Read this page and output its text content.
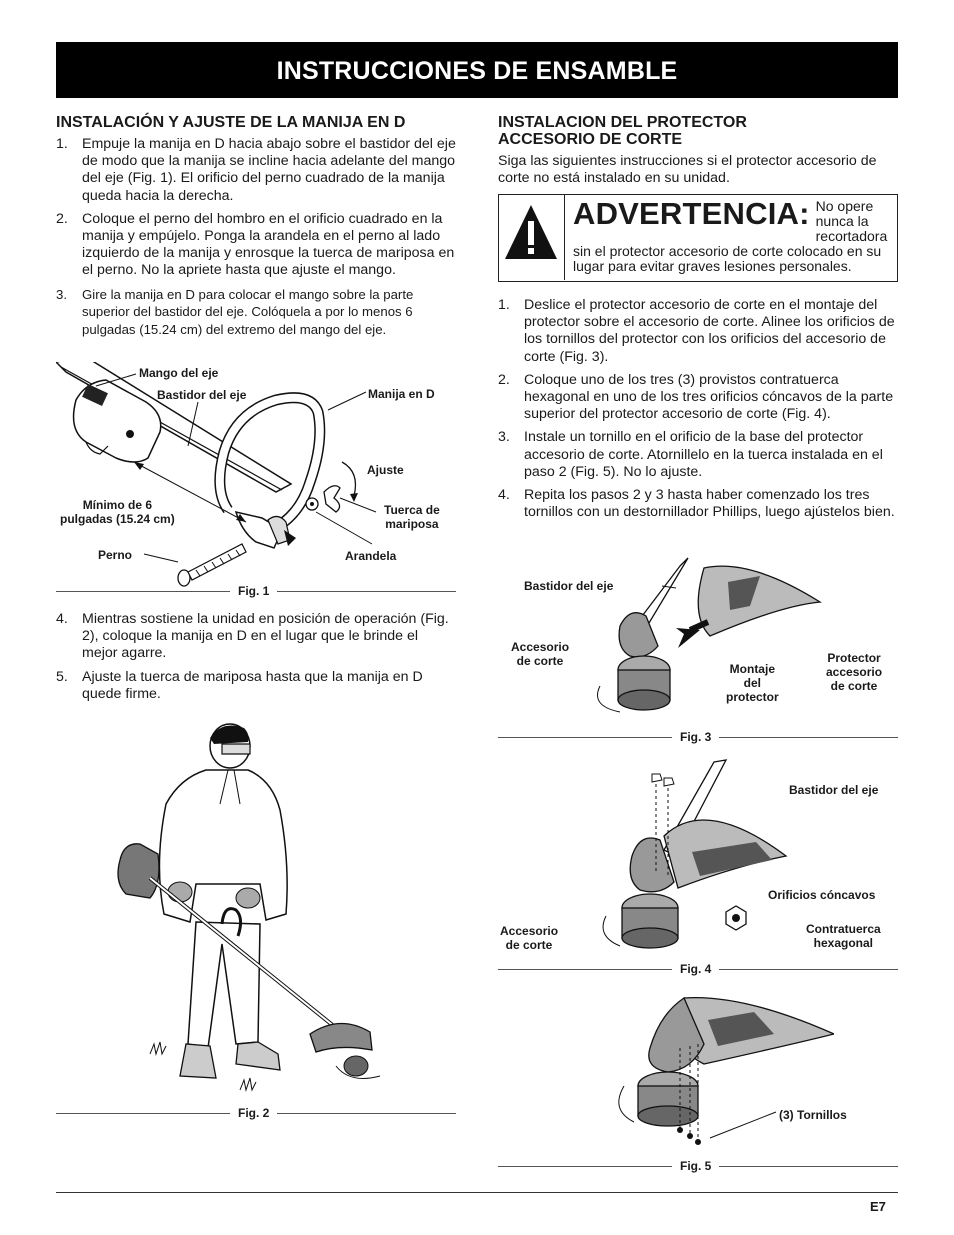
INSTRUCCIONES DE ENSAMBLE
INSTALACIÓN Y AJUSTE DE LA MANIJA EN D
1. Empuje la manija en D hacia abajo sobre el bastidor del eje de modo que la manija se incline hacia adelante del mango del eje (Fig. 1). El orificio del perno cuadrado de la manija queda hacia la derecha.
2. Coloque el perno del hombro en el orificio cuadrado en la manija y empújelo. Ponga la arandela en el perno al lado izquierdo de la manija y enrosque la tuerca de mariposa en el perno. No la apriete hasta que ajuste el mango.
3. Gire la manija en D para colocar el mango sobre la parte superior del bastidor del eje. Colóquela a por lo menos 6 pulgadas (15.24 cm) del extremo del mango del eje.
Mango del eje
Bastidor del eje	Manija en D
Ajuste
Mínimo de 6
pulgadas (15.24 cm)
Tuerca de
mariposa
Perno	Arandela
Fig. 1
4. Mientras sostiene la unidad en posición de operación (Fig. 2), coloque la manija en D en el lugar que le brinde el mejor agarre.
5. Ajuste la tuerca de mariposa hasta que la manija en D quede firme.
Fig. 2
INSTALACION DEL PROTECTOR ACCESORIO DE CORTE

Siga las siguientes instrucciones si el protector accesorio de corte no está instalado en su unidad.

ADVERTENCIA: No opere nunca la recortadora sin el protector accesorio de corte colocado en su lugar para evitar graves lesiones personales.
1. Deslice el protector accesorio de corte en el montaje del protector sobre el accesorio de corte. Alinee los orificios de los tornillos del protector con los orificios del accesorio de corte (Fig. 3).
2. Coloque uno de los tres (3) provistos contratuerca hexagonal en uno de los tres orificios cóncavos de la parte superior del protector accesorio de corte (Fig. 4).
3. Instale un tornillo en el orificio de la base del protector accesorio de corte. Atornillelo en la tuerca instalada en el paso 2 (Fig. 5). No lo ajuste.
4. Repita los pasos 2 y 3 hasta haber comenzado los tres tornillos con un destornillador Phillips, luego ajústelos bien.
Bastidor del eje
Accesorio
de corte
Montaje
del
protector
Protector
accesorio
de corte
Fig. 3
Bastidor del eje
Orificios cóncavos
Accesorio
de corte
Contratuerca
hexagonal
Fig. 4
(3) Tornillos
Fig. 5
E7
